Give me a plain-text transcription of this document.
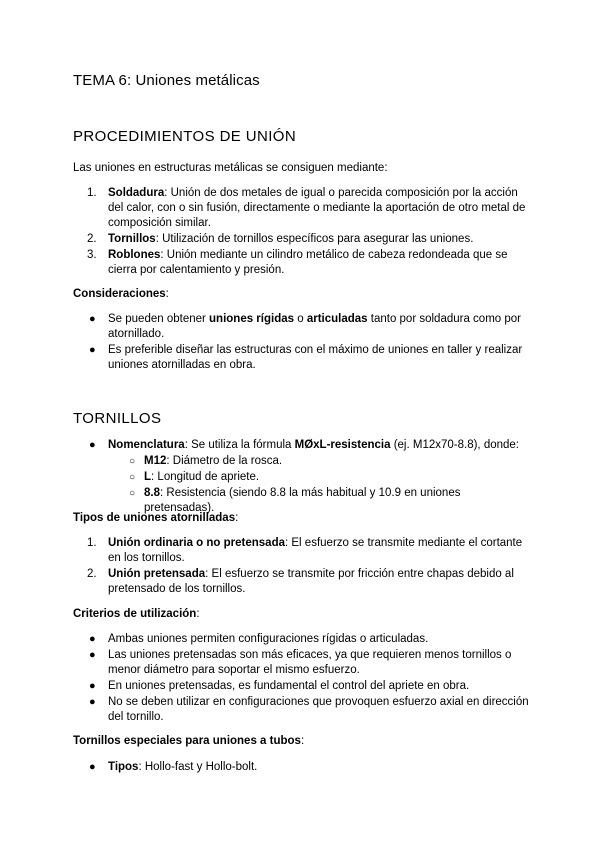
TEMA 6: Uniones metálicas
PROCEDIMIENTOS DE UNIÓN

Las uniones en estructuras metálicas se consiguen mediante:

1. Soldadura: Unión de dos metales de igual o parecida composición por la acción del calor, con o sin fusión, directamente o mediante la aportación de otro metal de composición similar.
2. Tornillos: Utilización de tornillos específicos para asegurar las uniones.
3. Roblones: Unión mediante un cilindro metálico de cabeza redondeada que se cierra por calentamiento y presión.

Consideraciones:

● Se pueden obtener uniones rígidas o articuladas tanto por soldadura como por atornillado.
● Es preferible diseñar las estructuras con el máximo de uniones en taller y realizar uniones atornilladas en obra.
TORNILLOS
● Nomenclatura: Se utiliza la fórmula MØxL-resistencia (ej. M12x70-8.8), donde:
○ M12: Diámetro de la rosca.
○ L: Longitud de apriete.
○ 8.8: Resistencia (siendo 8.8 la más habitual y 10.9 en uniones pretensadas).

Tipos de uniones atornilladas:

1. Unión ordinaria o no pretensada: El esfuerzo se transmite mediante el cortante en los tornillos.
2. Unión pretensada: El esfuerzo se transmite por fricción entre chapas debido al pretensado de los tornillos.

Criterios de utilización:

● Ambas uniones permiten configuraciones rígidas o articuladas.
● Las uniones pretensadas son más eficaces, ya que requieren menos tornillos o menor diámetro para soportar el mismo esfuerzo.
● En uniones pretensadas, es fundamental el control del apriete en obra.
● No se deben utilizar en configuraciones que provoquen esfuerzo axial en dirección del tornillo.

Tornillos especiales para uniones a tubos:

● Tipos: Hollo-fast y Hollo-bolt.
